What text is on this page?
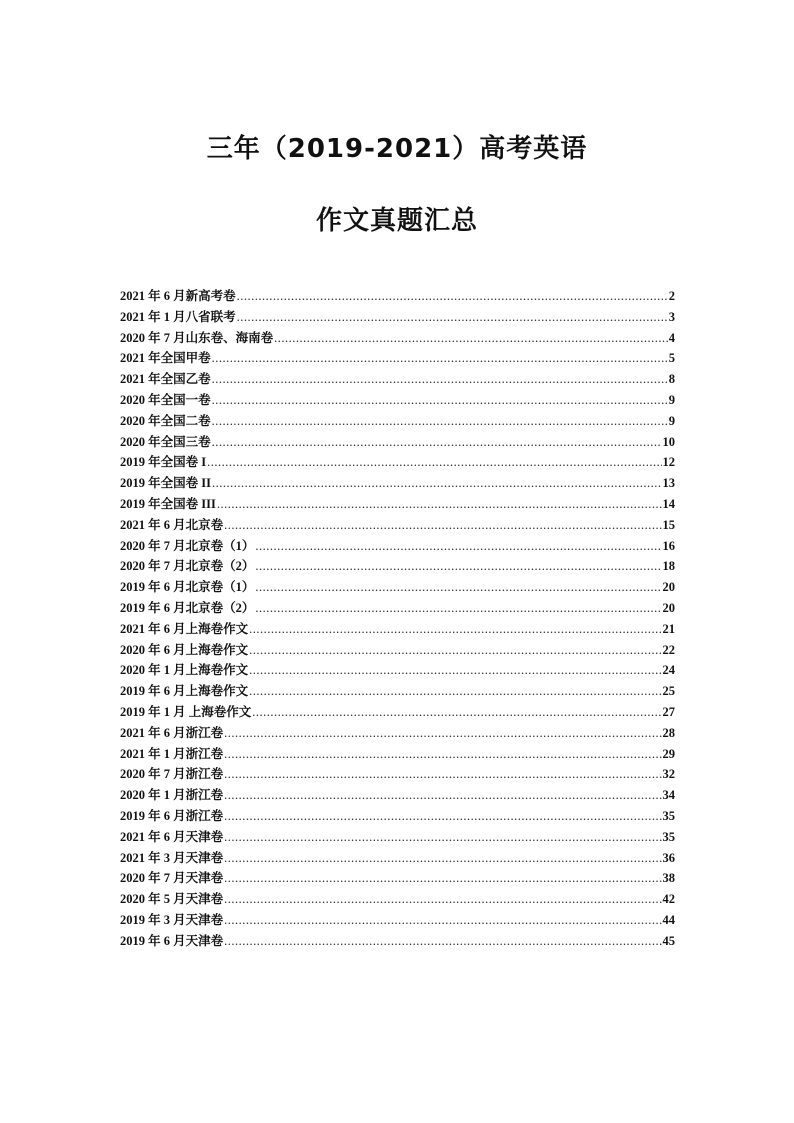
三年（2019-2021）高考英语
作文真题汇总
2021 年 6 月新高考卷 .....	2
2021 年 1 月八省联考 .....	3
2020 年 7 月山东卷、海南卷 .....	4
2021 年全国甲卷 .....	5
2021 年全国乙卷 .....	8
2020 年全国一卷 .....	9
2020 年全国二卷 .....	9
2020 年全国三卷 .....	10
2019 年全国卷 I .....	12
2019 年全国卷 II .....	13
2019 年全国卷 III .....	14
2021 年 6 月北京卷 .....	15
2020 年 7 月北京卷（1） .....	16
2020 年 7 月北京卷（2） .....	18
2019 年 6 月北京卷（1） .....	20
2019 年 6 月北京卷（2） .....	20
2021 年 6 月上海卷作文 .....	21
2020 年 6 月上海卷作文 .....	22
2020 年 1 月上海卷作文 .....	24
2019 年 6 月上海卷作文 .....	25
2019 年 1 月 上海卷作文 .....	27
2021 年 6 月浙江卷 .....	28
2021 年 1 月浙江卷 .....	29
2020 年 7 月浙江卷 .....	32
2020 年 1 月浙江卷 .....	34
2019 年 6 月浙江卷 .....	35
2021 年 6 月天津卷 .....	35
2021 年 3 月天津卷 .....	36
2020 年 7 月天津卷 .....	38
2020 年 5 月天津卷 .....	42
2019 年 3 月天津卷 .....	44
2019 年 6 月天津卷 .....	45
